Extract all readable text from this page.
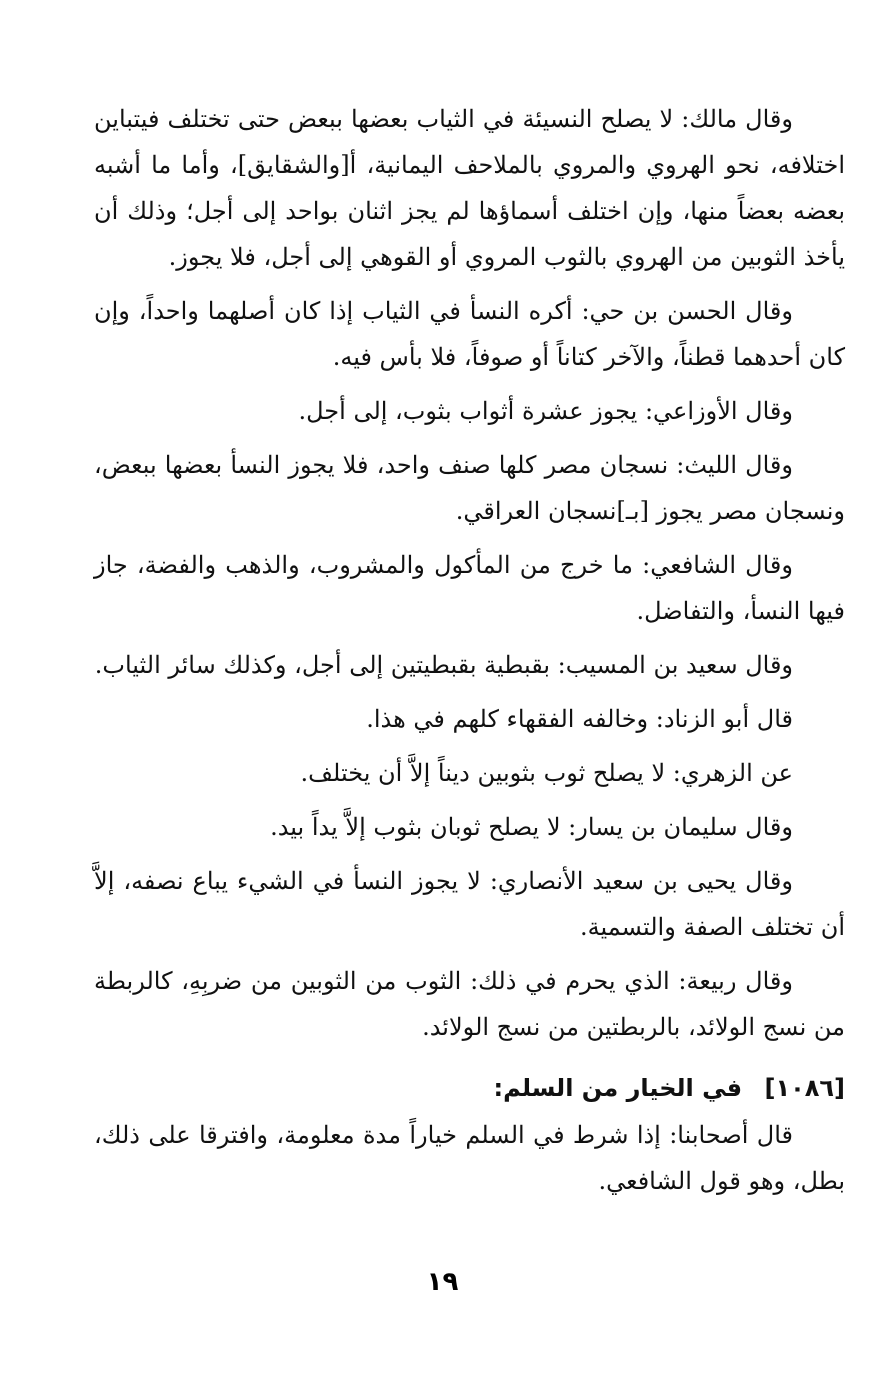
وقال مالك: لا يصلح النسيئة في الثياب بعضها ببعض حتى تختلف فيتباين اختلافه، نحو الهروي والمروي بالملاحف اليمانية، أ[والشقايق]، وأما ما أشبه بعضه بعضاً منها، وإن اختلف أسماؤها لم يجز اثنان بواحد إلى أجل؛ وذلك أن يأخذ الثوبين من الهروي بالثوب المروي أو القوهي إلى أجل، فلا يجوز.

وقال الحسن بن حي: أكره النسأ في الثياب إذا كان أصلهما واحداً، وإن كان أحدهما قطناً، والآخر كتاناً أو صوفاً، فلا بأس فيه.

وقال الأوزاعي: يجوز عشرة أثواب بثوب، إلى أجل.

وقال الليث: نسجان مصر كلها صنف واحد، فلا يجوز النسأ بعضها ببعض، ونسجان مصر يجوز [بـ]نسجان العراقي.

وقال الشافعي: ما خرج من المأكول والمشروب، والذهب والفضة، جاز فيها النسأ، والتفاضل.

وقال سعيد بن المسيب: بقبطية بقبطيتين إلى أجل، وكذلك سائر الثياب.

قال أبو الزناد: وخالفه الفقهاء كلهم في هذا.

عن الزهري: لا يصلح ثوب بثوبين ديناً إلاَّ أن يختلف.

وقال سليمان بن يسار: لا يصلح ثوبان بثوب إلاَّ يداً بيد.

وقال يحيى بن سعيد الأنصاري: لا يجوز النسأ في الشيء يباع نصفه، إلاَّ أن تختلف الصفة والتسمية.

وقال ربيعة: الذي يحرم في ذلك: الثوب من الثوبين من ضربِهِ، كالربطة من نسج الولائد، بالربطتين من نسج الولائد.

[١٠٨٦] في الخيار من السلم:

قال أصحابنا: إذا شرط في السلم خياراً مدة معلومة، وافترقا على ذلك، بطل، وهو قول الشافعي.

١٩
